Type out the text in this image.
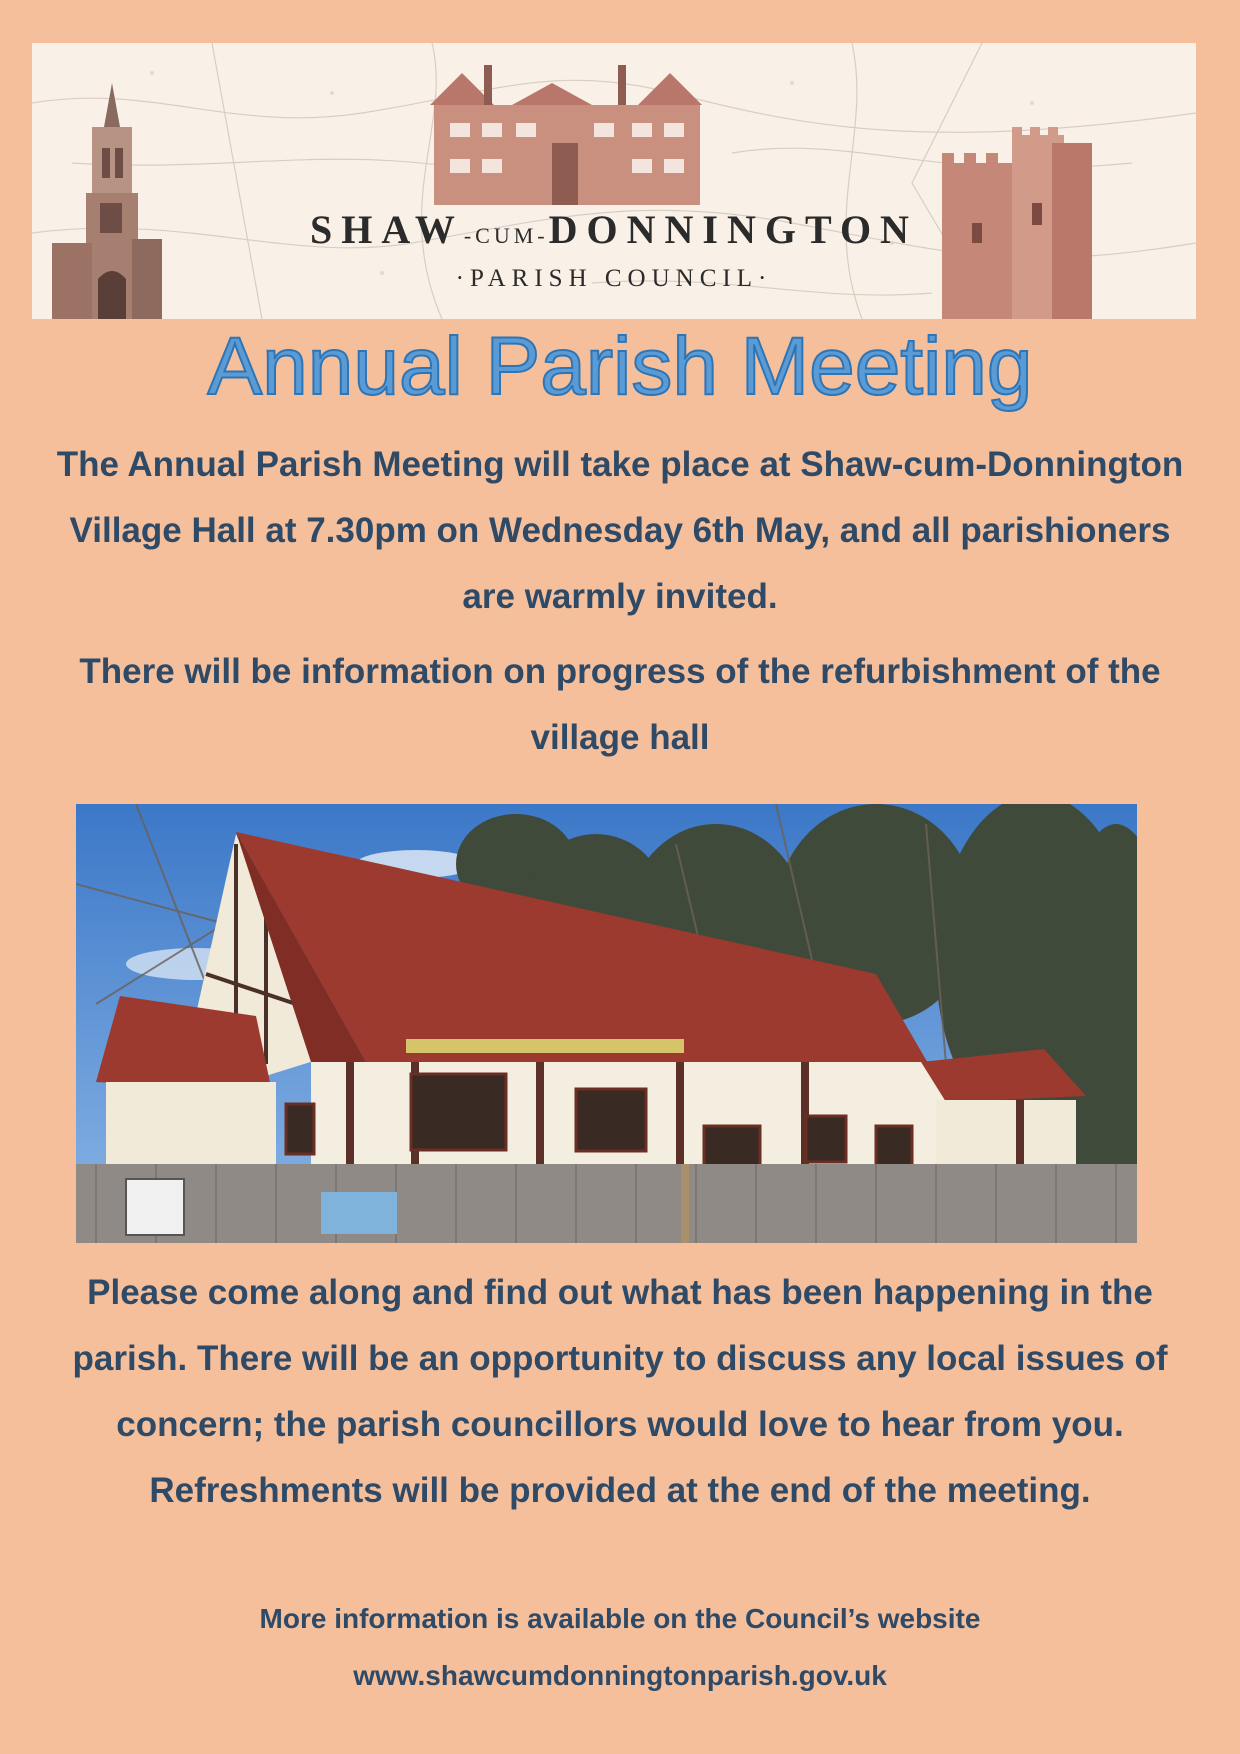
SHAW-CUM-DONNINGTON
·PARISH COUNCIL·
Annual Parish Meeting
The Annual Parish Meeting will take place at Shaw-cum-Donnington Village Hall at 7.30pm on Wednesday 6th May, and all parishioners are warmly invited.
There will be information on progress of the refurbishment of the village hall
Please come along and find out what has been happening in the parish. There will be an opportunity to discuss any local issues of concern; the parish councillors would love to hear from you. Refreshments will be provided at the end of the meeting.
More information is available on the Council’s website
www.shawcumdonningtonparish.gov.uk
